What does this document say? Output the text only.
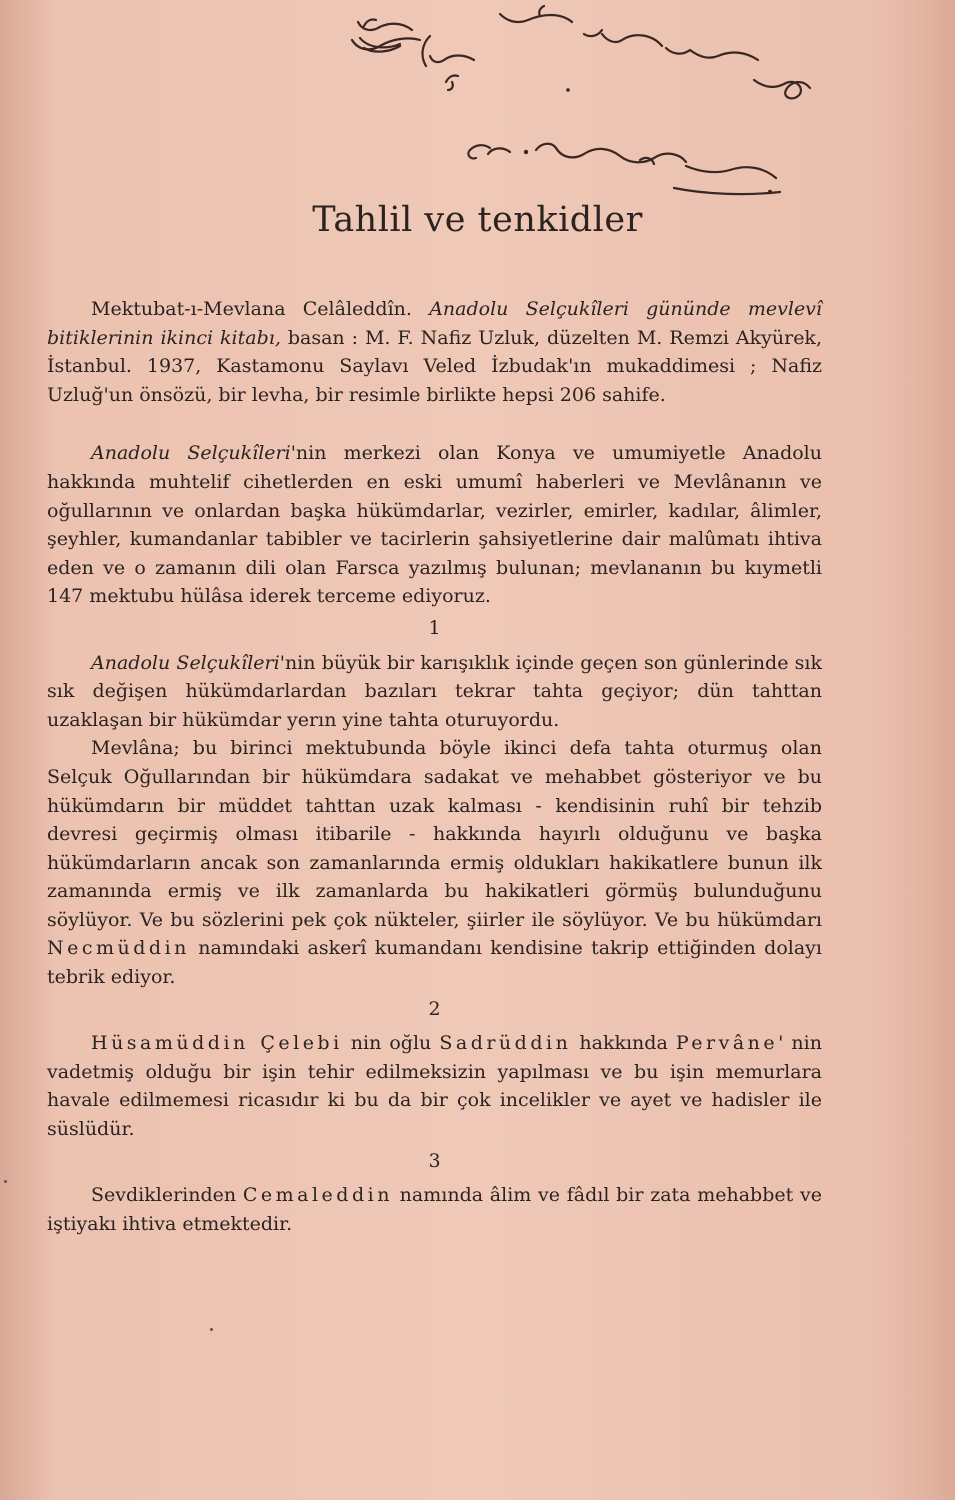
Tahlil ve tenkidler

Mektubat-ı-Mevlana Celâleddîn. Anadolu Selçukîleri gününde mevlevî bitiklerinin ikinci kitabı, basan : M. F. Nafiz Uzluk, düzelten M. Remzi Akyürek, İstanbul. 1937, Kastamonu Saylavı Veled İzbudak'ın mukaddimesi ; Nafiz Uzluğ'un önsözü, bir levha, bir resimle birlikte hepsi 206 sahife.

Anadolu Selçukîleri'nin merkezi olan Konya ve umumiyetle Anadolu hakkında muhtelif cihetlerden en eski umumî haberleri ve Mevlânanın ve oğullarının ve onlardan başka hükümdarlar, vezirler, emirler, kadılar, âlimler, şeyhler, kumandanlar tabibler ve tacirlerin şahsiyetlerine dair malûmatı ihtiva eden ve o zamanın dili olan Farsca yazılmış bulunan; mevlananın bu kıymetli 147 mektubu hülâsa iderek terceme ediyoruz.

1

Anadolu Selçukîleri'nin büyük bir karışıklık içinde geçen son günlerinde sık sık değişen hükümdarlardan bazıları tekrar tahta geçiyor; dün tahttan uzaklaşan bir hükümdar yerın yine tahta oturuyordu.

Mevlâna; bu birinci mektubunda böyle ikinci defa tahta oturmuş olan Selçuk Oğullarından bir hükümdara sadakat ve mehabbet gösteriyor ve bu hükümdarın bir müddet tahttan uzak kalması - kendisinin ruhî bir tehzib devresi geçirmiş olması itibarile - hakkında hayırlı olduğunu ve başka hükümdarların ancak son zamanlarında ermiş oldukları hakikatlere bunun ilk zamanında ermiş ve ilk zamanlarda bu hakikatleri görmüş bulunduğunu söylüyor. Ve bu sözlerini pek çok nükteler, şiirler ile söylüyor. Ve bu hükümdarı Necmüddin namındaki askerî kumandanı kendisine takrip ettiğinden dolayı tebrik ediyor.

2

Hüsamüddin Çelebi nin oğlu Sadrüddin hakkında Pervâne' nin vadetmiş olduğu bir işin tehir edilmeksizin yapılması ve bu işin memurlara havale edilmemesi ricasıdır ki bu da bir çok incelikler ve ayet ve hadisler ile süslüdür.

3

Sevdiklerinden Cemaleddin namında âlim ve fâdıl bir zata mehabbet ve iştiyakı ihtiva etmektedir.
